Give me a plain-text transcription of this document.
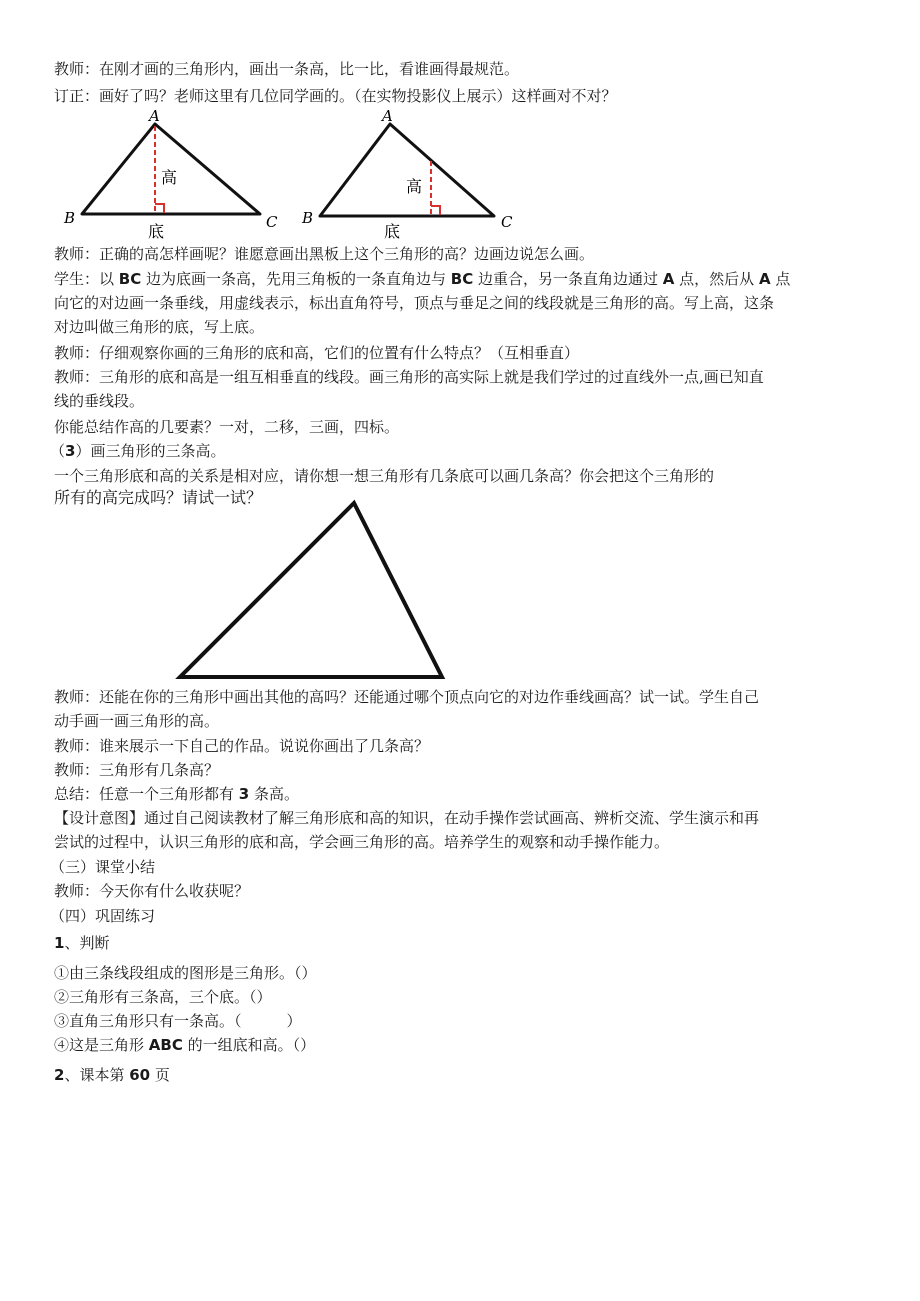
教师：在刚才画的三角形内，画出一条高，比一比，看谁画得最规范。
订正：画好了吗？老师这里有几位同学画的。（在实物投影仪上展示）这样画对不对？
A
B	C
高
底
A
B	C
高
底
教师：正确的高怎样画呢？谁愿意画出黑板上这个三角形的高？边画边说怎么画。
学生：以 BC 边为底画一条高，先用三角板的一条直角边与 BC 边重合，另一条直角边通过 A 点，然后从 A 点
向它的对边画一条垂线，用虚线表示，标出直角符号，顶点与垂足之间的线段就是三角形的高。写上高，这条
对边叫做三角形的底，写上底。
教师：仔细观察你画的三角形的底和高，它们的位置有什么特点？（互相垂直）
教师：三角形的底和高是一组互相垂直的线段。画三角形的高实际上就是我们学过的过直线外一点,画已知直
线的垂线段。
你能总结作高的几要素？一对，二移，三画，四标。
（3）画三角形的三条高。
一个三角形底和高的关系是相对应，请你想一想三角形有几条底可以画几条高？你会把这个三角形的
所有的高完成吗？请试一试？
教师：还能在你的三角形中画出其他的高吗？还能通过哪个顶点向它的对边作垂线画高？试一试。学生自己
动手画一画三角形的高。
教师：谁来展示一下自己的作品。说说你画出了几条高？
教师：三角形有几条高？
总结：任意一个三角形都有 3 条高。
【设计意图】通过自己阅读教材了解三角形底和高的知识，在动手操作尝试画高、辨析交流、学生演示和再
尝试的过程中，认识三角形的底和高，学会画三角形的高。培养学生的观察和动手操作能力。
（三）课堂小结
教师：今天你有什么收获呢？
（四）巩固练习
1、判断
①由三条线段组成的图形是三角形。（）
②三角形有三条高，三个底。（）
③直角三角形只有一条高。（　　　）
④这是三角形 ABC 的一组底和高。（）
2、课本第 60 页
